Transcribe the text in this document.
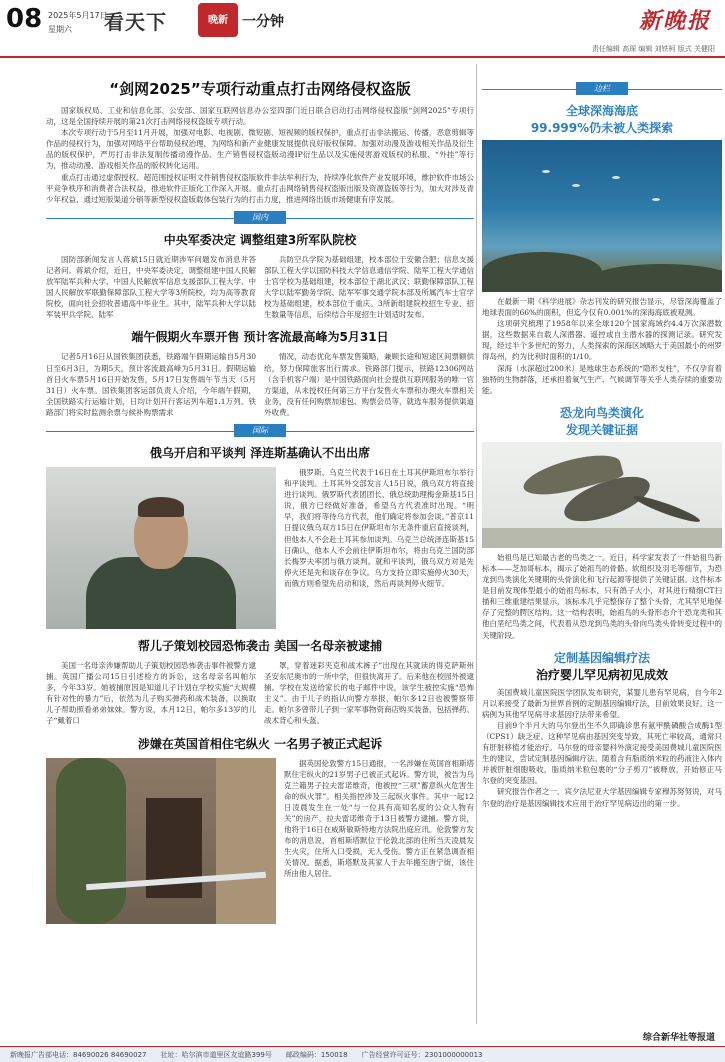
08 2025年5月17日
星期六 看天下	晚新	一分钟	新晚报
责任编辑 高琛 编辑 刘铁柯 版式 关健阳
“剑网2025”专项行动重点打击网络侵权盗版

国家版权局、工业和信息化部、公安部、国家互联网信息办公室四部门近日联合启动打击网络侵权盗版“剑网2025”专项行动，这是全国持续开展的第21次打击网络侵权盗版专项行动。

本次专项行动于5月至11月开展，加强对电影、电视剧、微短剧、短视频的版权保护，重点打击非法搬运、传播，恶意剪辑等作品的侵权行为，加强对网络平台帮助侵权治理，为网络和新产业健康发展提供良好版权保障。加强对动漫及游戏相关作品及衍生品的版权保护，严厉打击非法复制传播动漫作品、生产销售侵权盗版动漫IP衍生品以及实施侵害游戏版权的私服、“外挂”等行为，推动动漫、游戏相关作品的版权转化运用。

重点打击通过虚假授权、超范围授权证明文件销售侵权盗版软件非法牟利行为，持续净化软件产业发展环境，维护软件市场公平竞争秩序和消费者合法权益，推进软件正版化工作深入开展。重点打击网络销售侵权盗版出版及资源盗版等行为，加大对涉及青少年权益、通过短版渠道分销等新型侵权盗版载体包装行为的打击力度，推进网络出版市场健康有序发展。

国内
中央军委决定 调整组建3所军队院校
国防部新闻发言人蒋斌15日就近期涉军问题发布消息并答记者问。蒋斌介绍，近日，中央军委决定，调整组建中国人民解放军陆军兵种大学、中国人民解放军信息支援部队工程大学、中国人民解放军联勤保障部队工程大学等3所院校，均为高等教育院校，面向社会招收普通高中毕业生。其中，陆军兵种大学以陆军装甲兵学院、陆军
兵防空兵学院为基础组建，校本部位于安徽合肥；信息支援部队工程大学以国防科技大学信息通信学院、陆军工程大学通信士官学校为基础组建，校本部位于湖北武汉；联勤保障部队工程大学以陆军勤务学院、陆军军事交通学院本部及所属汽车士官学校为基础组建，校本部位于重庆。3所新组建院校招生专业、招生数量等信息，后续结合年度招生计划适时发布。
端午假期火车票开售 预计客流最高峰为5月31日
记者5月16日从国铁集团获悉，铁路端午假期运输自5月30日至6月3日，为期5天，预计客流最高峰为5月31日。假期运输首日火车票5月16日开始发售，5月17日发售端午节当天（5月31日）火车票。国铁集团客运部负责人介绍，今年端午假期，全国铁路实行运输计划，日均计划开行客运列车超1.1万列。铁路部门将实时监测余票与候补购票需求
情况，动态优化车票发售策略，兼顾长途和短途区间票额供给，努力保障旅客出行需求。铁路部门提示，铁路12306网站（含手机客户端）是中国铁路面向社会提供互联网服务的唯一官方渠道，从未授权任何第三方平台发售火车票和办理火车票相关业务，没有任何购票加速包、购票会员等，就选车服务提供渠道外收费。
国际
俄乌开启和平谈判 泽连斯基确认不出出席
俄罗斯、乌克兰代表于16日在土耳其伊斯坦布尔举行和平谈判。土耳其外交部发言人15日说，俄乌双方将直接进行谈判。俄罗斯代表团团长、俄总统助理梅金斯基15日说，俄方已经做好准备，希望乌方代表准时出现。“明早，我们将等待乌方代表，他们确定将参加会谈。”普京11日提议俄乌双方15日在伊斯坦布尔无条件重启直接谈判，但他本人不会赴土耳其参加谈判。乌克兰总统泽连斯基15日确认，他本人不会前往伊斯坦布尔，将由乌克兰国防部长梅罗夫率团与俄方谈判。就和平谈判，俄乌双方对是先停火还是先和谈存在争议。乌方支持立即实施停火30天，而俄方则希望先启动和谈，然后再谈判停火细节。
帮儿子策划校园恐怖袭击 美国一名母亲被逮捕
美国一名母亲涉嫌帮助儿子策划校园恐怖袭击事件被警方逮捕。英国广播公司15日引述检方的诉讼，这名母亲名叫帕尔多，今年33岁。她被捕原因是知道儿子计划在学校实施“大规模有针对性的暴力”后，依然为儿子购买弹药和战术装备，以换取儿子帮助照看弟弟妹妹。警方说，本月12日，帕尔多13岁的儿子“戴着口
罩，穿着迷彩夹克和战术裤子”出现在其就读的得克萨斯州圣安东尼奥市的一所中学，但很快离开了。后来他在校园外被逮捕。学校在发送给家长的电子邮件中说，该学生被控实施“恐怖主义”。由于儿子的指认向警方举报，帕尔多12日也被警察带走。帕尔多曾带儿子到一家军事物资商店购买装备，包括弹药、战术背心和头盔。
涉嫌在英国首相住宅纵火 一名男子被正式起诉
据英国伦敦警方15日通报，一名涉嫌在英国首相斯塔默住宅纵火的21岁男子已被正式起诉。警方说，被告为乌克兰籍男子拉夫雷诺维奇，他被控“三项”蓄意纵火危害生命的纵火罪”。相关指控涉及三起纵火事件。其中一起12日凌晨发生在一处“与一位具有高知名度的公众人物有关”的房产，拉夫雷诺维奇于13日被警方逮捕。警方说，他将于16日在威斯敏斯特地方法院出庭应讯。伦敦警方发布的消息说，首相斯塔默位于伦敦北部的住所当天凌晨发生火灾，住所入口受损，无人受伤。警方正在紧急调查相关情况。据悉，斯塔默及其家人于去年搬至唐宁街，该住所由他人居住。
边栏
全球深海海底
99.999%仍未被人类探索

在最新一期《科学进展》杂志刊发的研究报告显示，尽管深海覆盖了地球表面的66%的面积，但迄今仅有0.001%的深海海底被观测。

这项研究梳理了1958年以来全球120个国家海域约4.4万次深潜数据，这些数据来自载人深潜器、遥控或自主潜水器的探测记录。研究发现，经过半个多世纪的努力，人类探索的深海区域略大于美国最小的州罗得岛州，约为比利时面积的1/10。

深海（水深超过200米）是地球生态系统的“隐形支柱”，不仅孕育着独特的生物群落，还承担着氧气生产、气候调节等关乎人类存续的重要功能。

恐龙向鸟类演化
发现关键证据
始祖鸟是已知最古老的鸟类之一。近日，科学家发表了一件始祖鸟新标本——芝加哥标本，揭示了始祖鸟的骨骼、软组织及羽毛等细节，为恐龙到鸟类演化关键期的头骨演化和飞行起源等提供了关键证据。这件标本是目前发现体型最小的始祖鸟标本，只有鸽子大小，对其进行精细CT扫描和三维重建结果显示，该标本几乎完整保存了整个头骨，尤其罕见地保存了完整的腭区结构。这一结构表明，始祖鸟的头骨形态介于恐龙类和其他白垩纪鸟类之间，代表着从恐龙到鸟类的头骨向鸟类头骨转变过程中的关键阶段。
定制基因编辑疗法
治疗婴儿罕见病初见成效

美国费城儿童医院医学团队发布研究，某婴儿患有罕见病，自今年2月以来接受了最新为世界首例的定制基因编辑疗法，目前效果良好。这一病例为其他罕见病寻求基因疗法带来希望。

目前9个半月大的马尔登出生不久即确诊患有氨甲酰磷酸合成酶1型（CPS1）缺乏症。这种罕见病由基因突变导致，其死亡率较高，通常只有肝脏移植才能治疗。马尔登的母亲婴科外演定接受美国费城儿童医院医生的建议，尝试定制基因编辑疗法。随着含有脂质纳米粒的药液注入体内并被肝脏细胞吸收，脂质纳米粒包裹的“分子剪刀”被释放，开始修正马尔登的突变基因。

研究报告作者之一、宾夕法尼亚大学基因编辑专家穆苏努努说，对马尔登的治疗是基因编辑技术应用于治疗罕见病迈出的第一步。

综合新华社等报道
新晚报广告部电话：84690026 84690027 社址：哈尔滨市道里区友谊路399号 邮政编码：150018 广告经营许可证号：2301000000013
